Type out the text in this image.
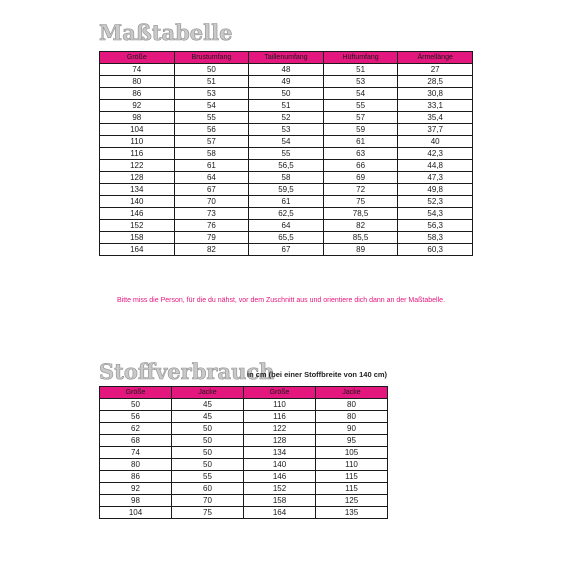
Maßtabelle
Größe	Brustumfang	Taillenumfang	Hüftumfang	Ärmellänge
74	50	48	51	27
80	51	49	53	28,5
86	53	50	54	30,8
92	54	51	55	33,1
98	55	52	57	35,4
104	56	53	59	37,7
110	57	54	61	40
116	58	55	63	42,3
122	61	56,5	66	44,8
128	64	58	69	47,3
134	67	59,5	72	49,8
140	70	61	75	52,3
146	73	62,5	78,5	54,3
152	76	64	82	56,3
158	79	65,5	85,5	58,3
164	82	67	89	60,3
Bitte miss die Person, für die du nähst, vor dem Zuschnitt aus und orientiere dich dann an der Maßtabelle.
Stoffverbrauch
in cm (bei einer Stoffbreite von 140 cm)
Größe	Jacke	Größe	Jacke
50	45	110	80
56	45	116	80
62	50	122	90
68	50	128	95
74	50	134	105
80	50	140	110
86	55	146	115
92	60	152	115
98	70	158	125
104	75	164	135
